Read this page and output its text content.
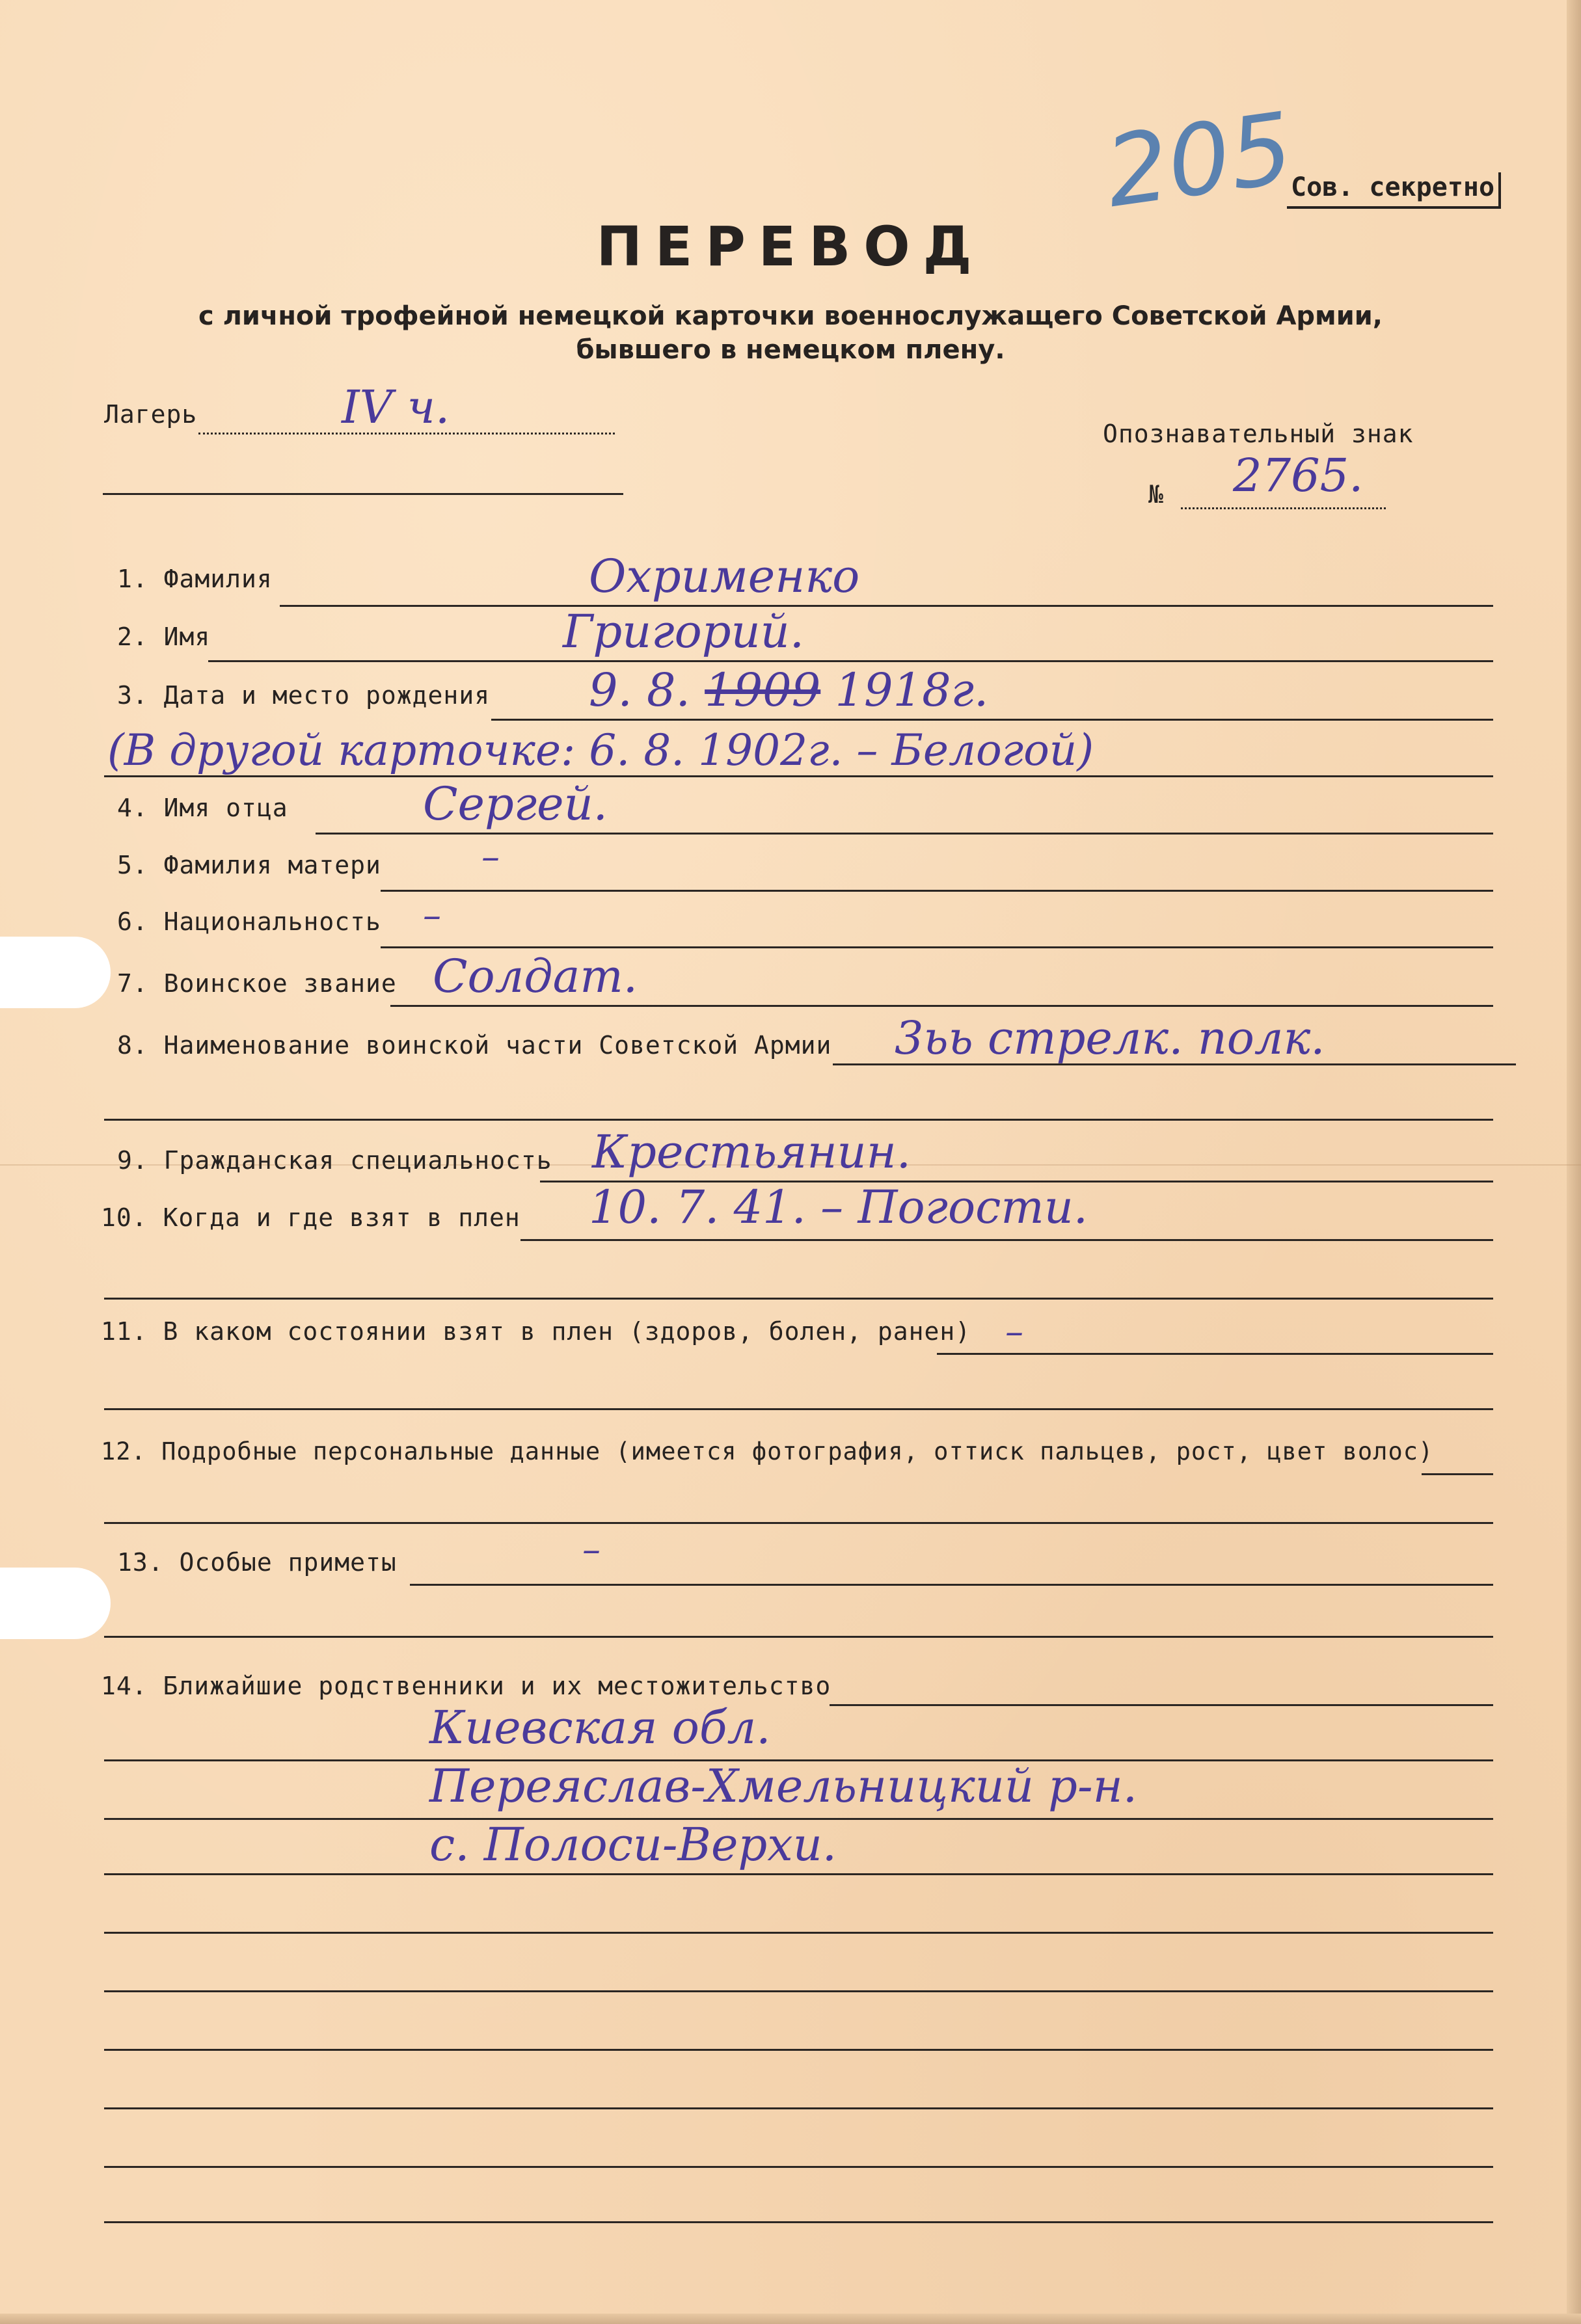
205
Сов. секретно
ПЕРЕВОД
с личной трофейной немецкой карточки военнослужащего Советской Армии,
бывшего в немецком плену.
Лагерь	IV ч.	Опознавательный знак
№ 2765.
1. Фамилия	Охрименко
2. Имя	Григорий.
3. Дата и место рождения 9. 8. 1909 1918г.
(В другой карточке: 6. 8. 1902г. – Белогой)
4. Имя отца	Сергей.
5. Фамилия матери	–
6. Национальность –
7. Воинское звание Солдат.
8. Наименование воинской части Советской Армии 3ьь стрелк. полк.
9. Гражданская специальность Крестьянин.
10. Когда и где взят в плен 10. 7. 41. – Погости.
11. В каком состоянии взят в плен (здоров, болен, ранен) –
12. Подробные персональные данные (имеется фотография, оттиск пальцев, рост, цвет волос)
13. Особые приметы	–
14. Ближайшие родственники и их местожительство
Киевская обл.
Переяслав-Хмельницкий р-н.
с. Полоси-Верхи.
